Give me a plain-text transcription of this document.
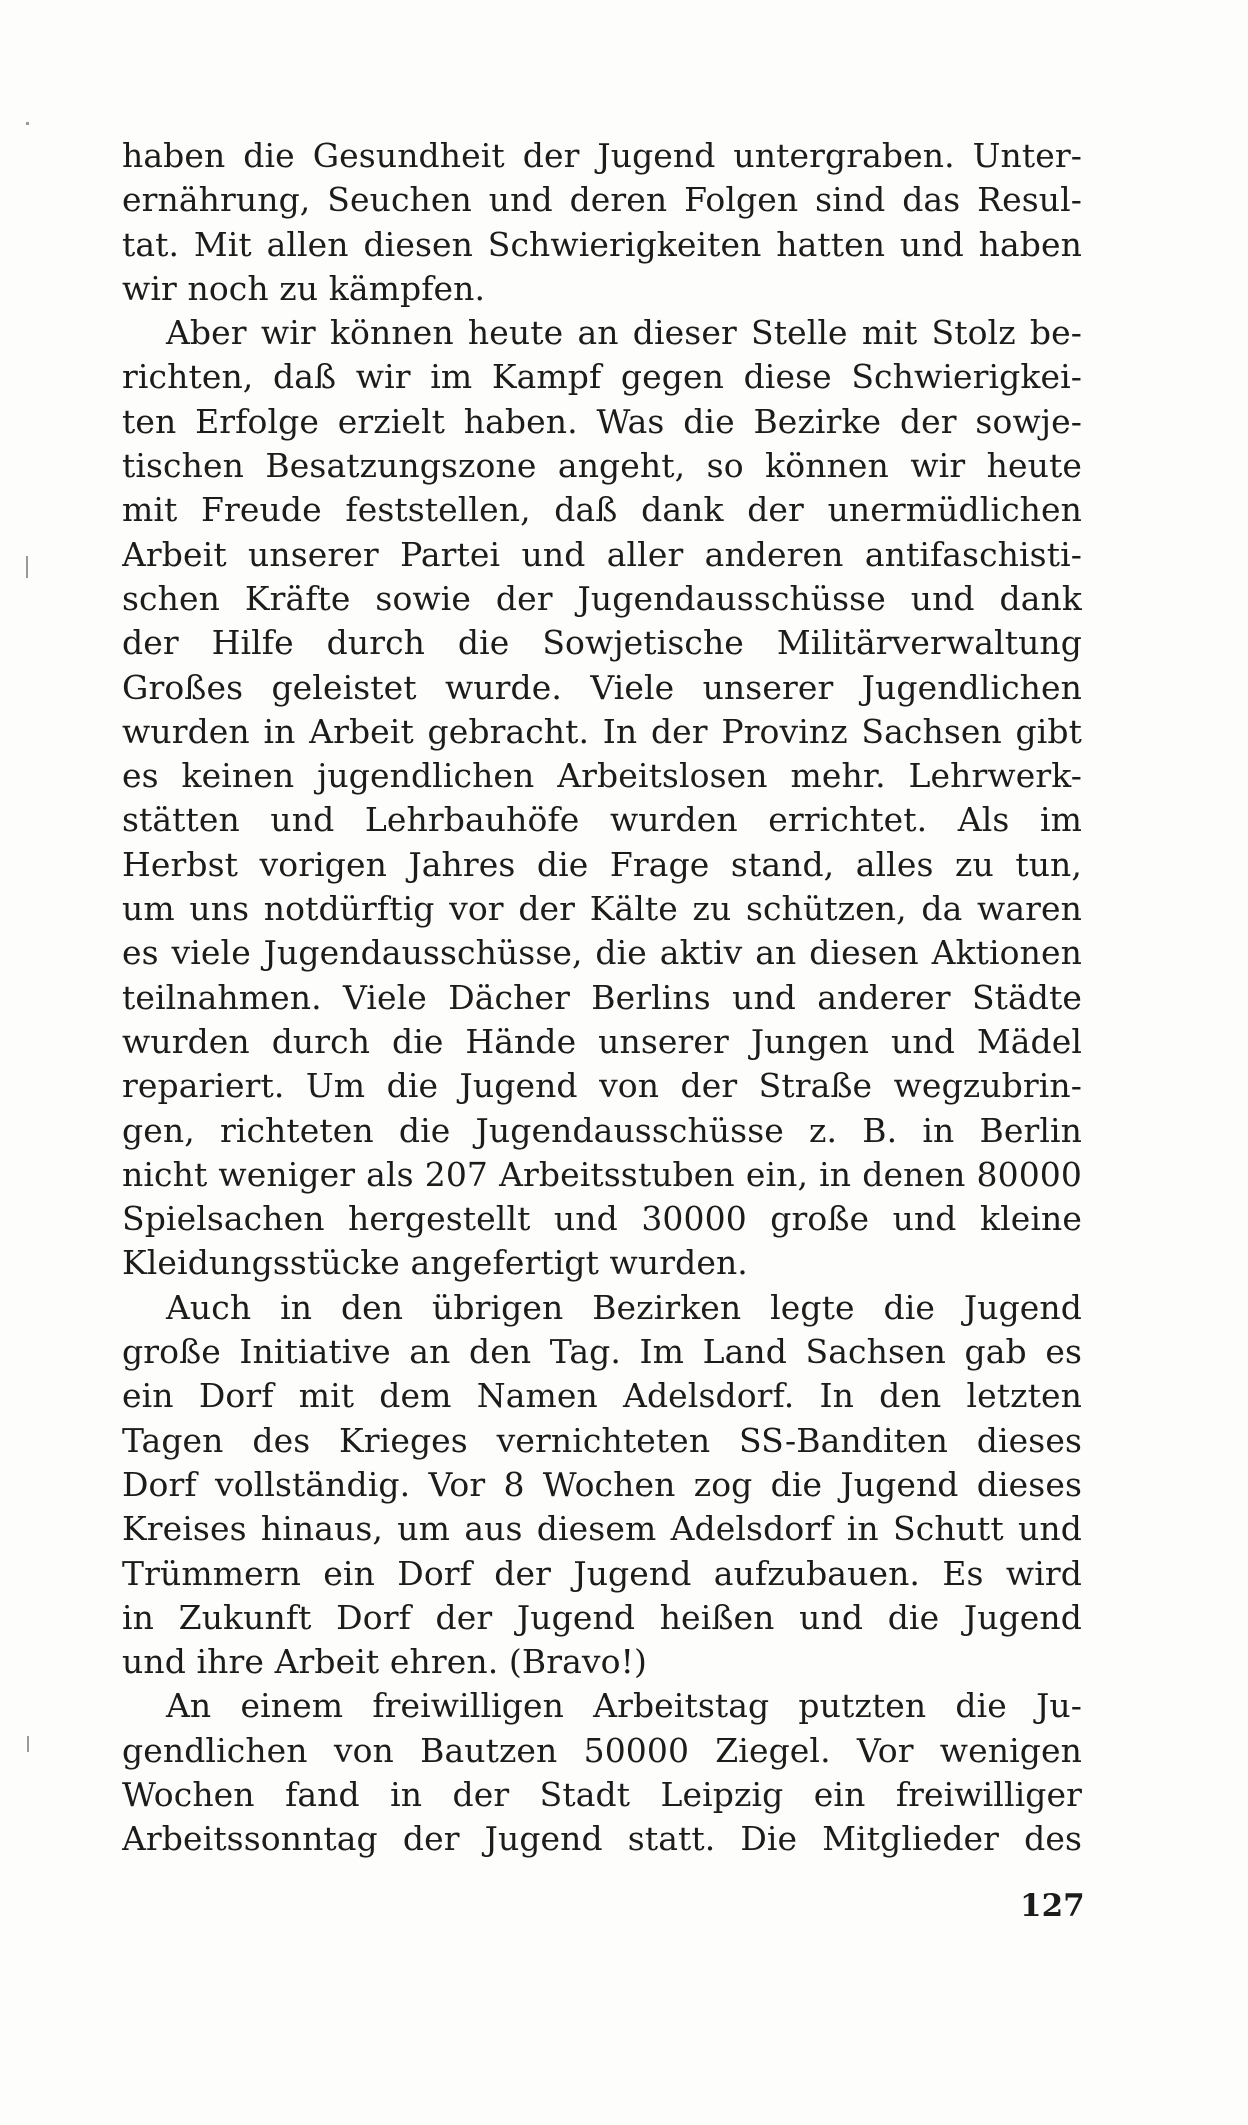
haben die Gesundheit der Jugend untergraben. Unter-
ernährung, Seuchen und deren Folgen sind das Resul-
tat. Mit allen diesen Schwierigkeiten hatten und haben
wir noch zu kämpfen.
Aber wir können heute an dieser Stelle mit Stolz be-
richten, daß wir im Kampf gegen diese Schwierigkei-
ten Erfolge erzielt haben. Was die Bezirke der sowje-
tischen Besatzungszone angeht, so können wir heute
mit Freude feststellen, daß dank der unermüdlichen
Arbeit unserer Partei und aller anderen antifaschisti-
schen Kräfte sowie der Jugendausschüsse und dank
der Hilfe durch die Sowjetische Militärverwaltung
Großes geleistet wurde. Viele unserer Jugendlichen
wurden in Arbeit gebracht. In der Provinz Sachsen gibt
es keinen jugendlichen Arbeitslosen mehr. Lehrwerk-
stätten und Lehrbauhöfe wurden errichtet. Als im
Herbst vorigen Jahres die Frage stand, alles zu tun,
um uns notdürftig vor der Kälte zu schützen, da waren
es viele Jugendausschüsse, die aktiv an diesen Aktionen
teilnahmen. Viele Dächer Berlins und anderer Städte
wurden durch die Hände unserer Jungen und Mädel
repariert. Um die Jugend von der Straße wegzubrin-
gen, richteten die Jugendausschüsse z. B. in Berlin
nicht weniger als 207 Arbeitsstuben ein, in denen 80000
Spielsachen hergestellt und 30000 große und kleine
Kleidungsstücke angefertigt wurden.
Auch in den übrigen Bezirken legte die Jugend
große Initiative an den Tag. Im Land Sachsen gab es
ein Dorf mit dem Namen Adelsdorf. In den letzten
Tagen des Krieges vernichteten SS-Banditen dieses
Dorf vollständig. Vor 8 Wochen zog die Jugend dieses
Kreises hinaus, um aus diesem Adelsdorf in Schutt und
Trümmern ein Dorf der Jugend aufzubauen. Es wird
in Zukunft Dorf der Jugend heißen und die Jugend
und ihre Arbeit ehren. (Bravo!)
An einem freiwilligen Arbeitstag putzten die Ju-
gendlichen von Bautzen 50000 Ziegel. Vor wenigen
Wochen fand in der Stadt Leipzig ein freiwilliger
Arbeitssonntag der Jugend statt. Die Mitglieder des
127
